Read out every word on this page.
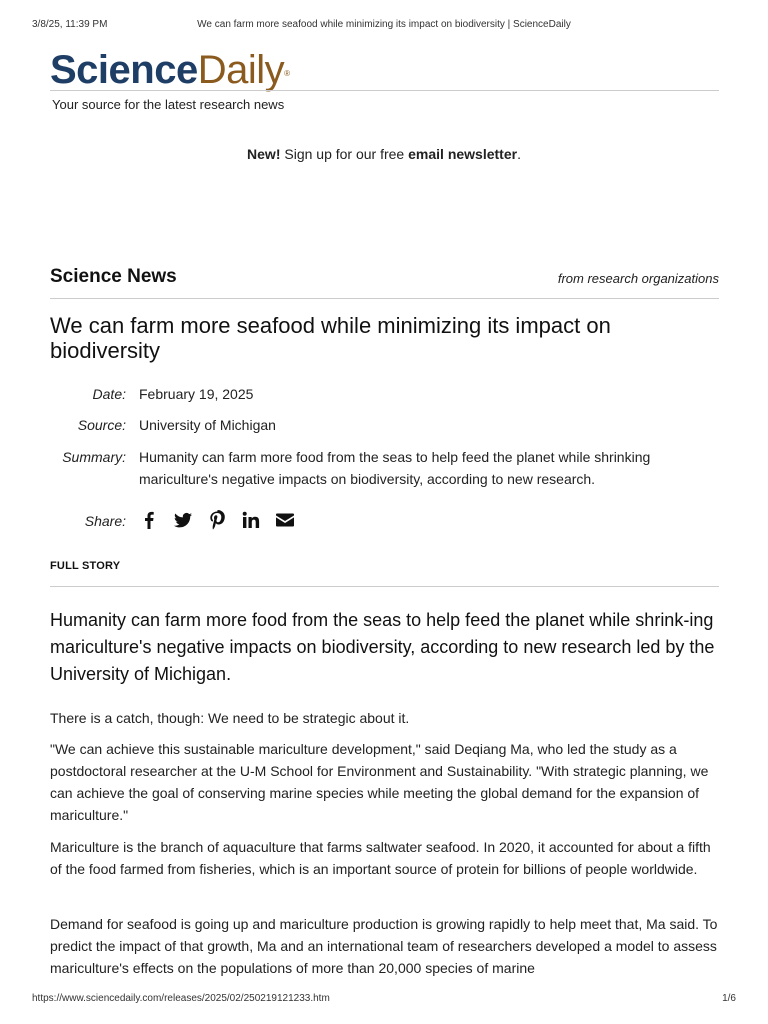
3/8/25, 11:39 PM	We can farm more seafood while minimizing its impact on biodiversity | ScienceDaily
ScienceDaily®
Your source for the latest research news
New! Sign up for our free email newsletter.
Science News	from research organizations
We can farm more seafood while minimizing its impact on biodiversity
Date: February 19, 2025
Source: University of Michigan
Summary: Humanity can farm more food from the seas to help feed the planet while shrinking mariculture's negative impacts on biodiversity, according to new research.
Share:
FULL STORY

Humanity can farm more food from the seas to help feed the planet while shrink-ing mariculture's negative impacts on biodiversity, according to new research led by the University of Michigan.

There is a catch, though: We need to be strategic about it.

"We can achieve this sustainable mariculture development," said Deqiang Ma, who led the study as a postdoctoral researcher at the U-M School for Environment and Sustainability. "With strategic planning, we can achieve the goal of conserving marine species while meeting the global demand for the expansion of mariculture."

Mariculture is the branch of aquaculture that farms saltwater seafood. In 2020, it accounted for about a fifth of the food farmed from fisheries, which is an important source of protein for billions of people worldwide.

Demand for seafood is going up and mariculture production is growing rapidly to help meet that, Ma said. To predict the impact of that growth, Ma and an international team of researchers developed a model to assess mariculture's effects on the populations of more than 20,000 species of marine

https://www.sciencedaily.com/releases/2025/02/250219121233.htm	1/6
